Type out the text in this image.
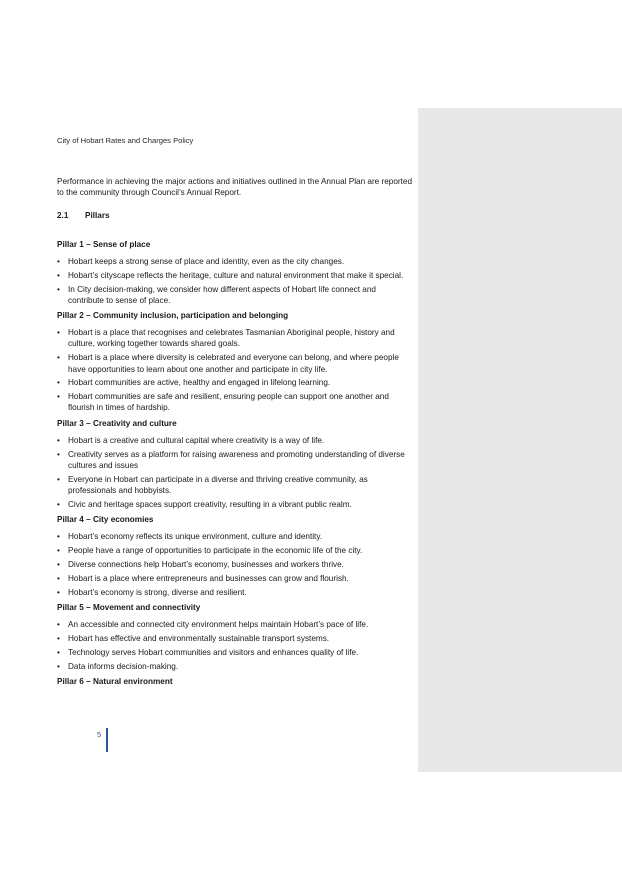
City of Hobart Rates and Charges Policy

Performance in achieving the major actions and initiatives outlined in the Annual Plan are reported to the community through Council’s Annual Report.

2.1 Pillars
Pillar 1 – Sense of place
• Hobart keeps a strong sense of place and identity, even as the city changes.
• Hobart’s cityscape reflects the heritage, culture and natural environment that make it special.
• In City decision-making, we consider how different aspects of Hobart life connect and contribute to sense of place.
Pillar 2 – Community inclusion, participation and belonging
• Hobart is a place that recognises and celebrates Tasmanian Aboriginal people, history and culture, working together towards shared goals.
• Hobart is a place where diversity is celebrated and everyone can belong, and where people have opportunities to learn about one another and participate in city life.
• Hobart communities are active, healthy and engaged in lifelong learning.
• Hobart communities are safe and resilient, ensuring people can support one another and flourish in times of hardship.
Pillar 3 – Creativity and culture
• Hobart is a creative and cultural capital where creativity is a way of life.
• Creativity serves as a platform for raising awareness and promoting understanding of diverse cultures and issues
• Everyone in Hobart can participate in a diverse and thriving creative community, as professionals and hobbyists.
• Civic and heritage spaces support creativity, resulting in a vibrant public realm.
Pillar 4 – City economies
• Hobart’s economy reflects its unique environment, culture and identity.
• People have a range of opportunities to participate in the economic life of the city.
• Diverse connections help Hobart’s economy, businesses and workers thrive.
• Hobart is a place where entrepreneurs and businesses can grow and flourish.
• Hobart’s economy is strong, diverse and resilient.
Pillar 5 – Movement and connectivity
• An accessible and connected city environment helps maintain Hobart’s pace of life.
• Hobart has effective and environmentally sustainable transport systems.
• Technology serves Hobart communities and visitors and enhances quality of life.
• Data informs decision-making.
Pillar 6 – Natural environment
5
